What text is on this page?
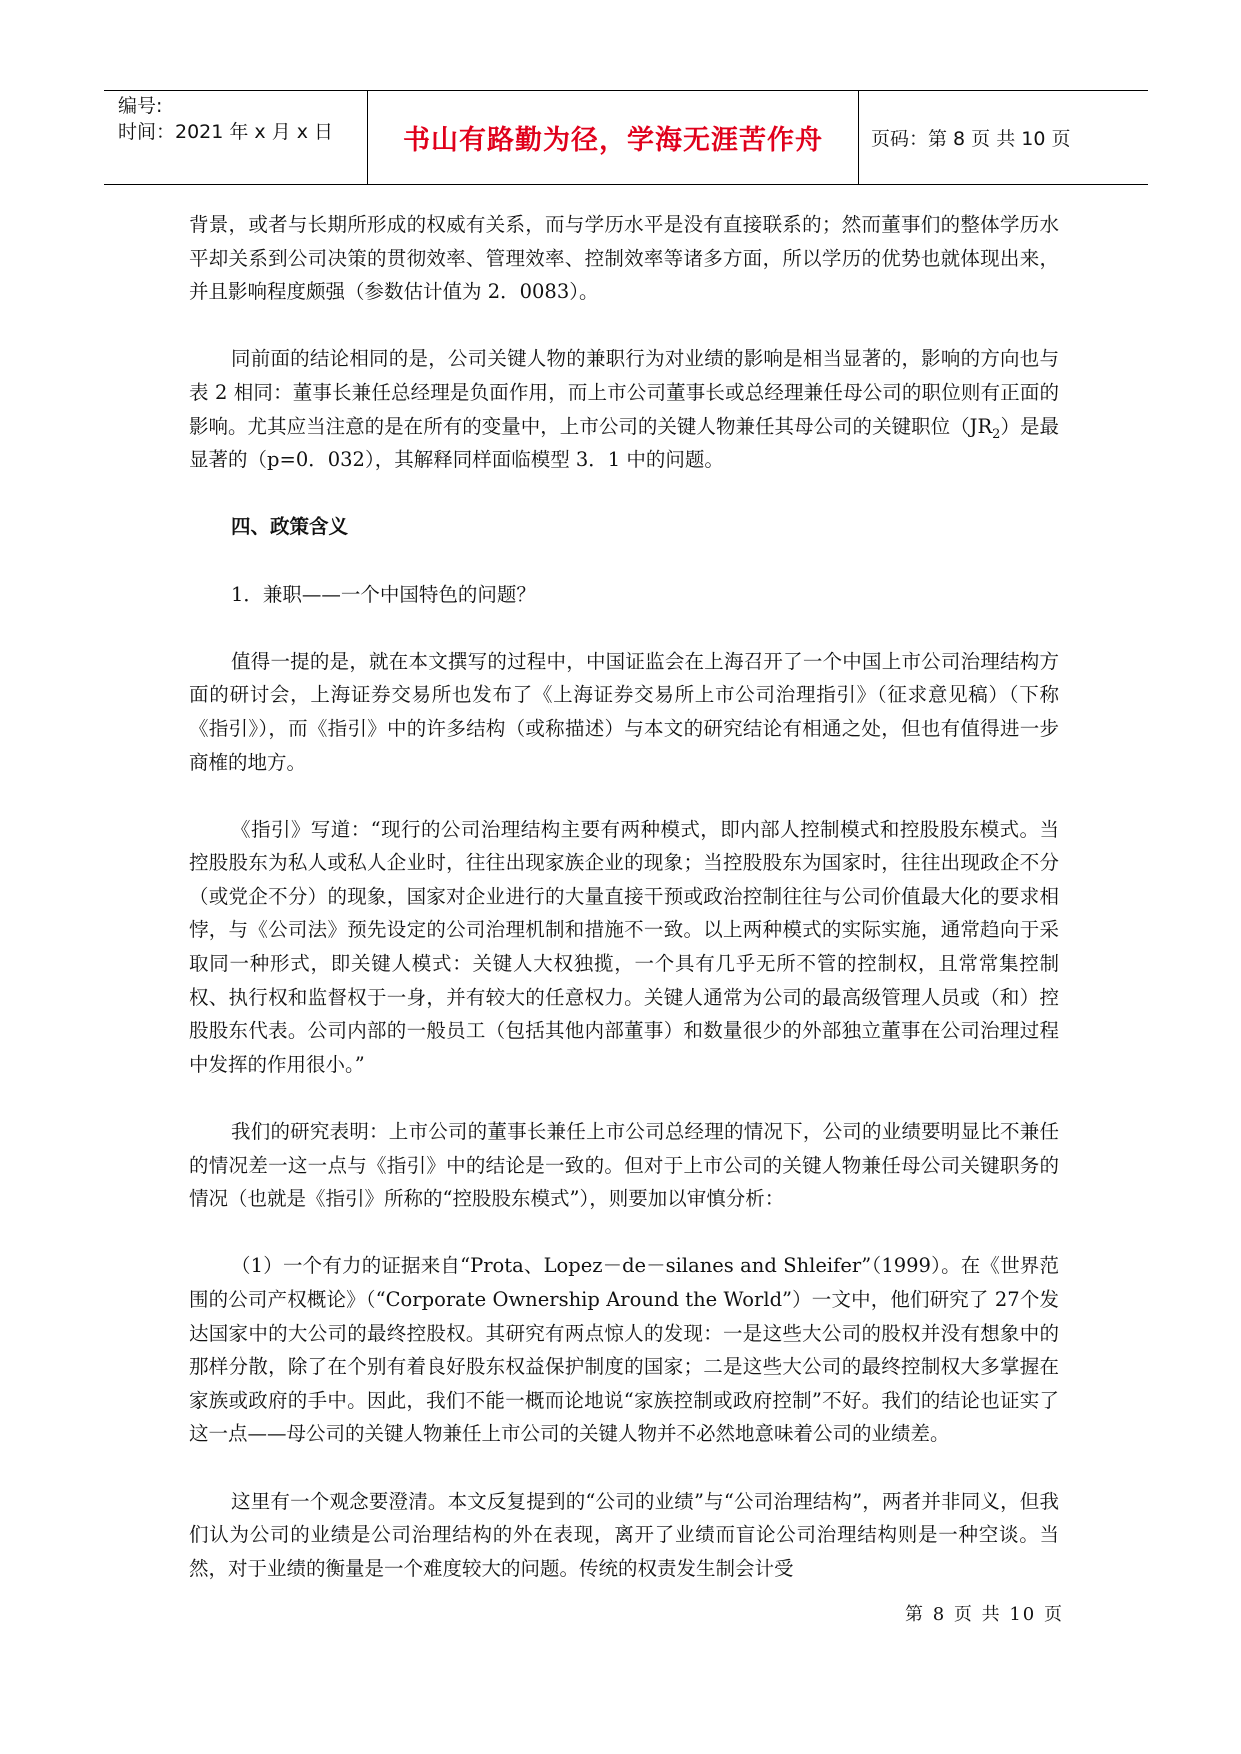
编号:
时间：2021 年 x 月 x 日	书山有路勤为径，学海无涯苦作舟	页码：第 8 页 共 10 页

背景，或者与长期所形成的权威有关系，而与学历水平是没有直接联系的；然而董事们的整体学历水平却关系到公司决策的贯彻效率、管理效率、控制效率等诸多方面，所以学历的优势也就体现出来，并且影响程度颇强（参数估计值为 2．0083）。

同前面的结论相同的是，公司关键人物的兼职行为对业绩的影响是相当显著的，影响的方向也与表 2 相同：董事长兼任总经理是负面作用，而上市公司董事长或总经理兼任母公司的职位则有正面的影响。尤其应当注意的是在所有的变量中，上市公司的关键人物兼任其母公司的关键职位$(JR_2)$是最显著的（p=0．032），其解释同样面临模型 3．1 中的问题。

四、政策含义

1．兼职——一个中国特色的问题？

值得一提的是，就在本文撰写的过程中，中国证监会在上海召开了一个中国上市公司治理结构方面的研讨会，上海证券交易所也发布了《上海证券交易所上市公司治理指引》（征求意见稿）（下称《指引》），而《指引》中的许多结构（或称描述）与本文的研究结论有相通之处，但也有值得进一步商榷的地方。

《指引》写道：“现行的公司治理结构主要有两种模式，即内部人控制模式和控股股东模式。当控股股东为私人或私人企业时，往往出现家族企业的现象；当控股股东为国家时，往往出现政企不分（或党企不分）的现象，国家对企业进行的大量直接干预或政治控制往往与公司价值最大化的要求相悖，与《公司法》预先设定的公司治理机制和措施不一致。以上两种模式的实际实施，通常趋向于采取同一种形式，即关键人模式：关键人大权独揽，一个具有几乎无所不管的控制权，且常常集控制权、执行权和监督权于一身，并有较大的任意权力。关键人通常为公司的最高级管理人员或（和）控股股东代表。公司内部的一般员工（包括其他内部董事）和数量很少的外部独立董事在公司治理过程中发挥的作用很小。”

我们的研究表明：上市公司的董事长兼任上市公司总经理的情况下，公司的业绩要明显比不兼任的情况差一这一点与《指引》中的结论是一致的。但对于上市公司的关键人物兼任母公司关键职务的情况（也就是《指引》所称的“控股股东模式”），则要加以审慎分析：

（1）一个有力的证据来自“Prota、Lopez－de－silanes and Shleifer”（1999）。在《世界范围的公司产权概论》（“Corporate Ownership Around the World”）一文中，他们研究了 27个发达国家中的大公司的最终控股权。其研究有两点惊人的发现：一是这些大公司的股权并没有想象中的那样分散，除了在个别有着良好股东权益保护制度的国家；二是这些大公司的最终控制权大多掌握在家族或政府的手中。因此，我们不能一概而论地说“家族控制或政府控制”不好。我们的结论也证实了这一点——母公司的关键人物兼任上市公司的关键人物并不必然地意味着公司的业绩差。

这里有一个观念要澄清。本文反复提到的“公司的业绩”与“公司治理结构”，两者并非同义，但我们认为公司的业绩是公司治理结构的外在表现，离开了业绩而盲论公司治理结构则是一种空谈。当然，对于业绩的衡量是一个难度较大的问题。传统的权责发生制会计受

第 8 页 共 10 页
